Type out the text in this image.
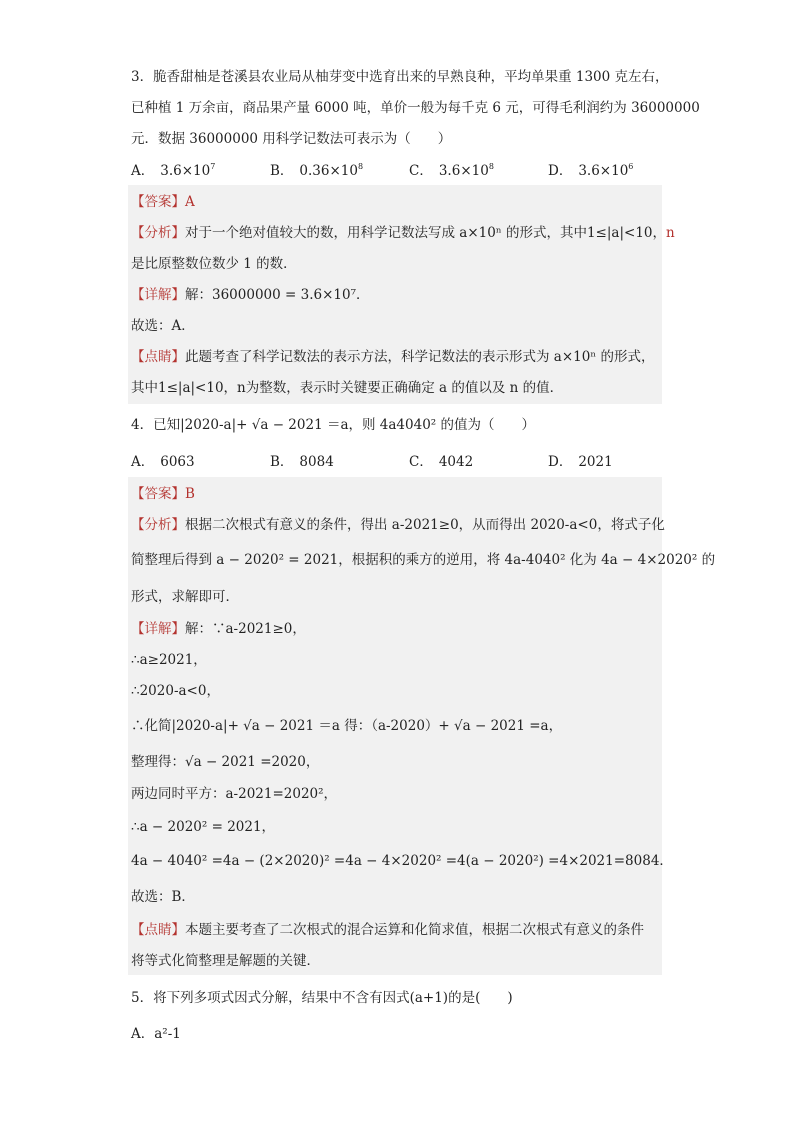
3．脆香甜柚是苍溪县农业局从柚芽变中选育出来的早熟良种，平均单果重 1300 克左右，
已种植 1 万余亩，商品果产量 6000 吨，单价一般为每千克 6 元，可得毛利润约为 36000000
元．数据 36000000 用科学记数法可表示为（　　）
A． $3.6\times 10^7$	B． $0.36\times 10^8$	C． $3.6\times 10^8$	D． $3.6\times 10^6$
【答案】A
【分析】对于一个绝对值较大的数，用科学记数法写成 a×10ⁿ 的形式，其中1≤|a|<10，n
是比原整数位数少 1 的数．
【详解】解：36000000 = 3.6×10⁷．
故选：A．
【点睛】此题考查了科学记数法的表示方法，科学记数法的表示形式为 a×10ⁿ 的形式，
其中1≤|a|<10，n为整数，表示时关键要正确确定 a 的值以及 n 的值．
4．已知|2020-a|+ √a − 2021 ＝a，则 4a4040² 的值为（　　）
A． 6063	B． 8084	C． 4042	D． 2021
【答案】B
【分析】根据二次根式有意义的条件，得出 a-2021≥0，从而得出 2020-a<0，将式子化
简整理后得到 a − 2020² = 2021，根据积的乘方的逆用，将 4a-4040² 化为 4a − 4×2020² 的
形式，求解即可．
【详解】解：∵a-2021≥0，
∴a≥2021，
∴2020-a<0，
∴化简|2020-a|+ √a − 2021 ＝a 得：（a-2020）+ √a − 2021 =a，
整理得：√a − 2021 =2020，
两边同时平方：a-2021=2020²，
∴a − 2020² = 2021，
4a − 4040² =4a − (2×2020)² =4a − 4×2020² =4(a − 2020²) =4×2021=8084．
故选：B．
【点睛】本题主要考查了二次根式的混合运算和化简求值，根据二次根式有意义的条件
将等式化简整理是解题的关键．
5．将下列多项式因式分解，结果中不含有因式(a+1)的是(　　)
A．a²-1
